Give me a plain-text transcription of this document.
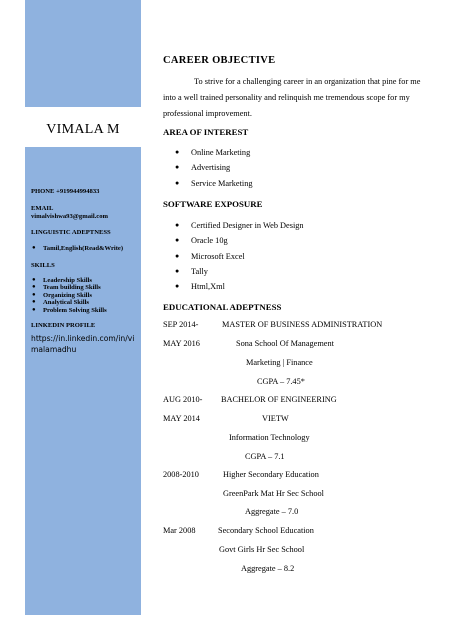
VIMALA M
PHONE +919944994833
EMAIL
vimalvishwa93@gmail.com
LINGUISTIC ADEPTNESS
● Tamil,English(Read&Write)
SKILLS
● Leadership Skills
● Team building Skills
● Organizing Skills
● Analytical Skills
● Problem Solving Skills
LINKEDIN PROFILE
https://in.linkedin.com/in/vimalamadhu
CAREER OBJECTIVE
To strive for a challenging career in an organization that pine for me into a well trained personality and relinquish me tremendous scope for my professional improvement.
AREA OF INTEREST
● Online Marketing
● Advertising
● Service Marketing
SOFTWARE EXPOSURE
● Certified Designer in Web Design
● Oracle 10g
● Microsoft Excel
● Tally
● Html,Xml
EDUCATIONAL ADEPTNESS
SEP 2014-	MASTER OF BUSINESS ADMINISTRATION
MAY 2016	Sona School Of Management
Marketing | Finance
CGPA – 7.45*
AUG 2010- BACHELOR OF ENGINEERING
MAY 2014	VIETW
Information Technology
CGPA – 7.1
2008-2010	Higher Secondary Education
GreenPark Mat Hr Sec School
Aggregate – 7.0
Mar 2008	Secondary School Education
Govt Girls Hr Sec School
Aggregate – 8.2
